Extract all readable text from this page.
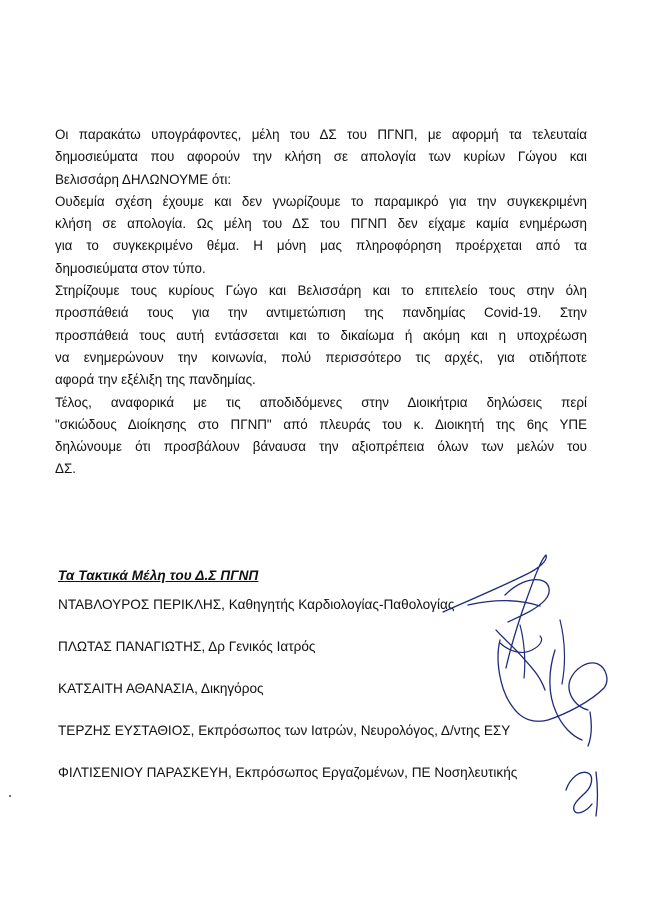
Οι παρακάτω υπογράφοντες, μέλη του ΔΣ του ΠΓΝΠ, με αφορμή τα τελευταία
δημοσιεύματα που αφορούν την κλήση σε απολογία των κυρίων Γώγου και
Βελισσάρη ΔΗΛΩΝΟΥΜΕ ότι:

Ουδεμία σχέση έχουμε και δεν γνωρίζουμε το παραμικρό για την συγκεκριμένη
κλήση σε απολογία. Ως μέλη του ΔΣ του ΠΓΝΠ δεν είχαμε καμία ενημέρωση
για το συγκεκριμένο θέμα. Η μόνη μας πληροφόρηση προέρχεται από τα
δημοσιεύματα στον τύπο.

Στηρίζουμε τους κυρίους Γώγο και Βελισσάρη και το επιτελείο τους στην όλη
προσπάθειά τους για την αντιμετώπιση της πανδημίας Covid-19. Στην
προσπάθειά τους αυτή εντάσσεται και το δικαίωμα ή ακόμη και η υποχρέωση
να ενημερώνουν την κοινωνία, πολύ περισσότερο τις αρχές, για οτιδήποτε
αφορά την εξέλιξη της πανδημίας.

Τέλος, αναφορικά με τις αποδιδόμενες στην Διοικήτρια δηλώσεις περί
"σκιώδους Διοίκησης στο ΠΓΝΠ" από πλευράς του κ. Διοικητή της 6ης ΥΠΕ
δηλώνουμε ότι προσβάλουν βάναυσα την αξιοπρέπεια όλων των μελών του
ΔΣ.

Τα Τακτικά Μέλη του Δ.Σ ΠΓΝΠ

ΝΤΑΒΛΟΥΡΟΣ ΠΕΡΙΚΛΗΣ, Καθηγητής Καρδιολογίας-Παθολογίας

ΠΛΩΤΑΣ ΠΑΝΑΓΙΩΤΗΣ, Δρ Γενικός Ιατρός

ΚΑΤΣΑΙΤΗ ΑΘΑΝΑΣΙΑ, Δικηγόρος

ΤΕΡΖΗΣ ΕΥΣΤΑΘΙΟΣ, Εκπρόσωπος των Ιατρών, Νευρολόγος, Δ/ντης ΕΣΥ

ΦΙΛΤΙΣΕΝΙΟΥ ΠΑΡΑΣΚΕΥΗ, Εκπρόσωπος Εργαζομένων, ΠΕ Νοσηλευτικής
